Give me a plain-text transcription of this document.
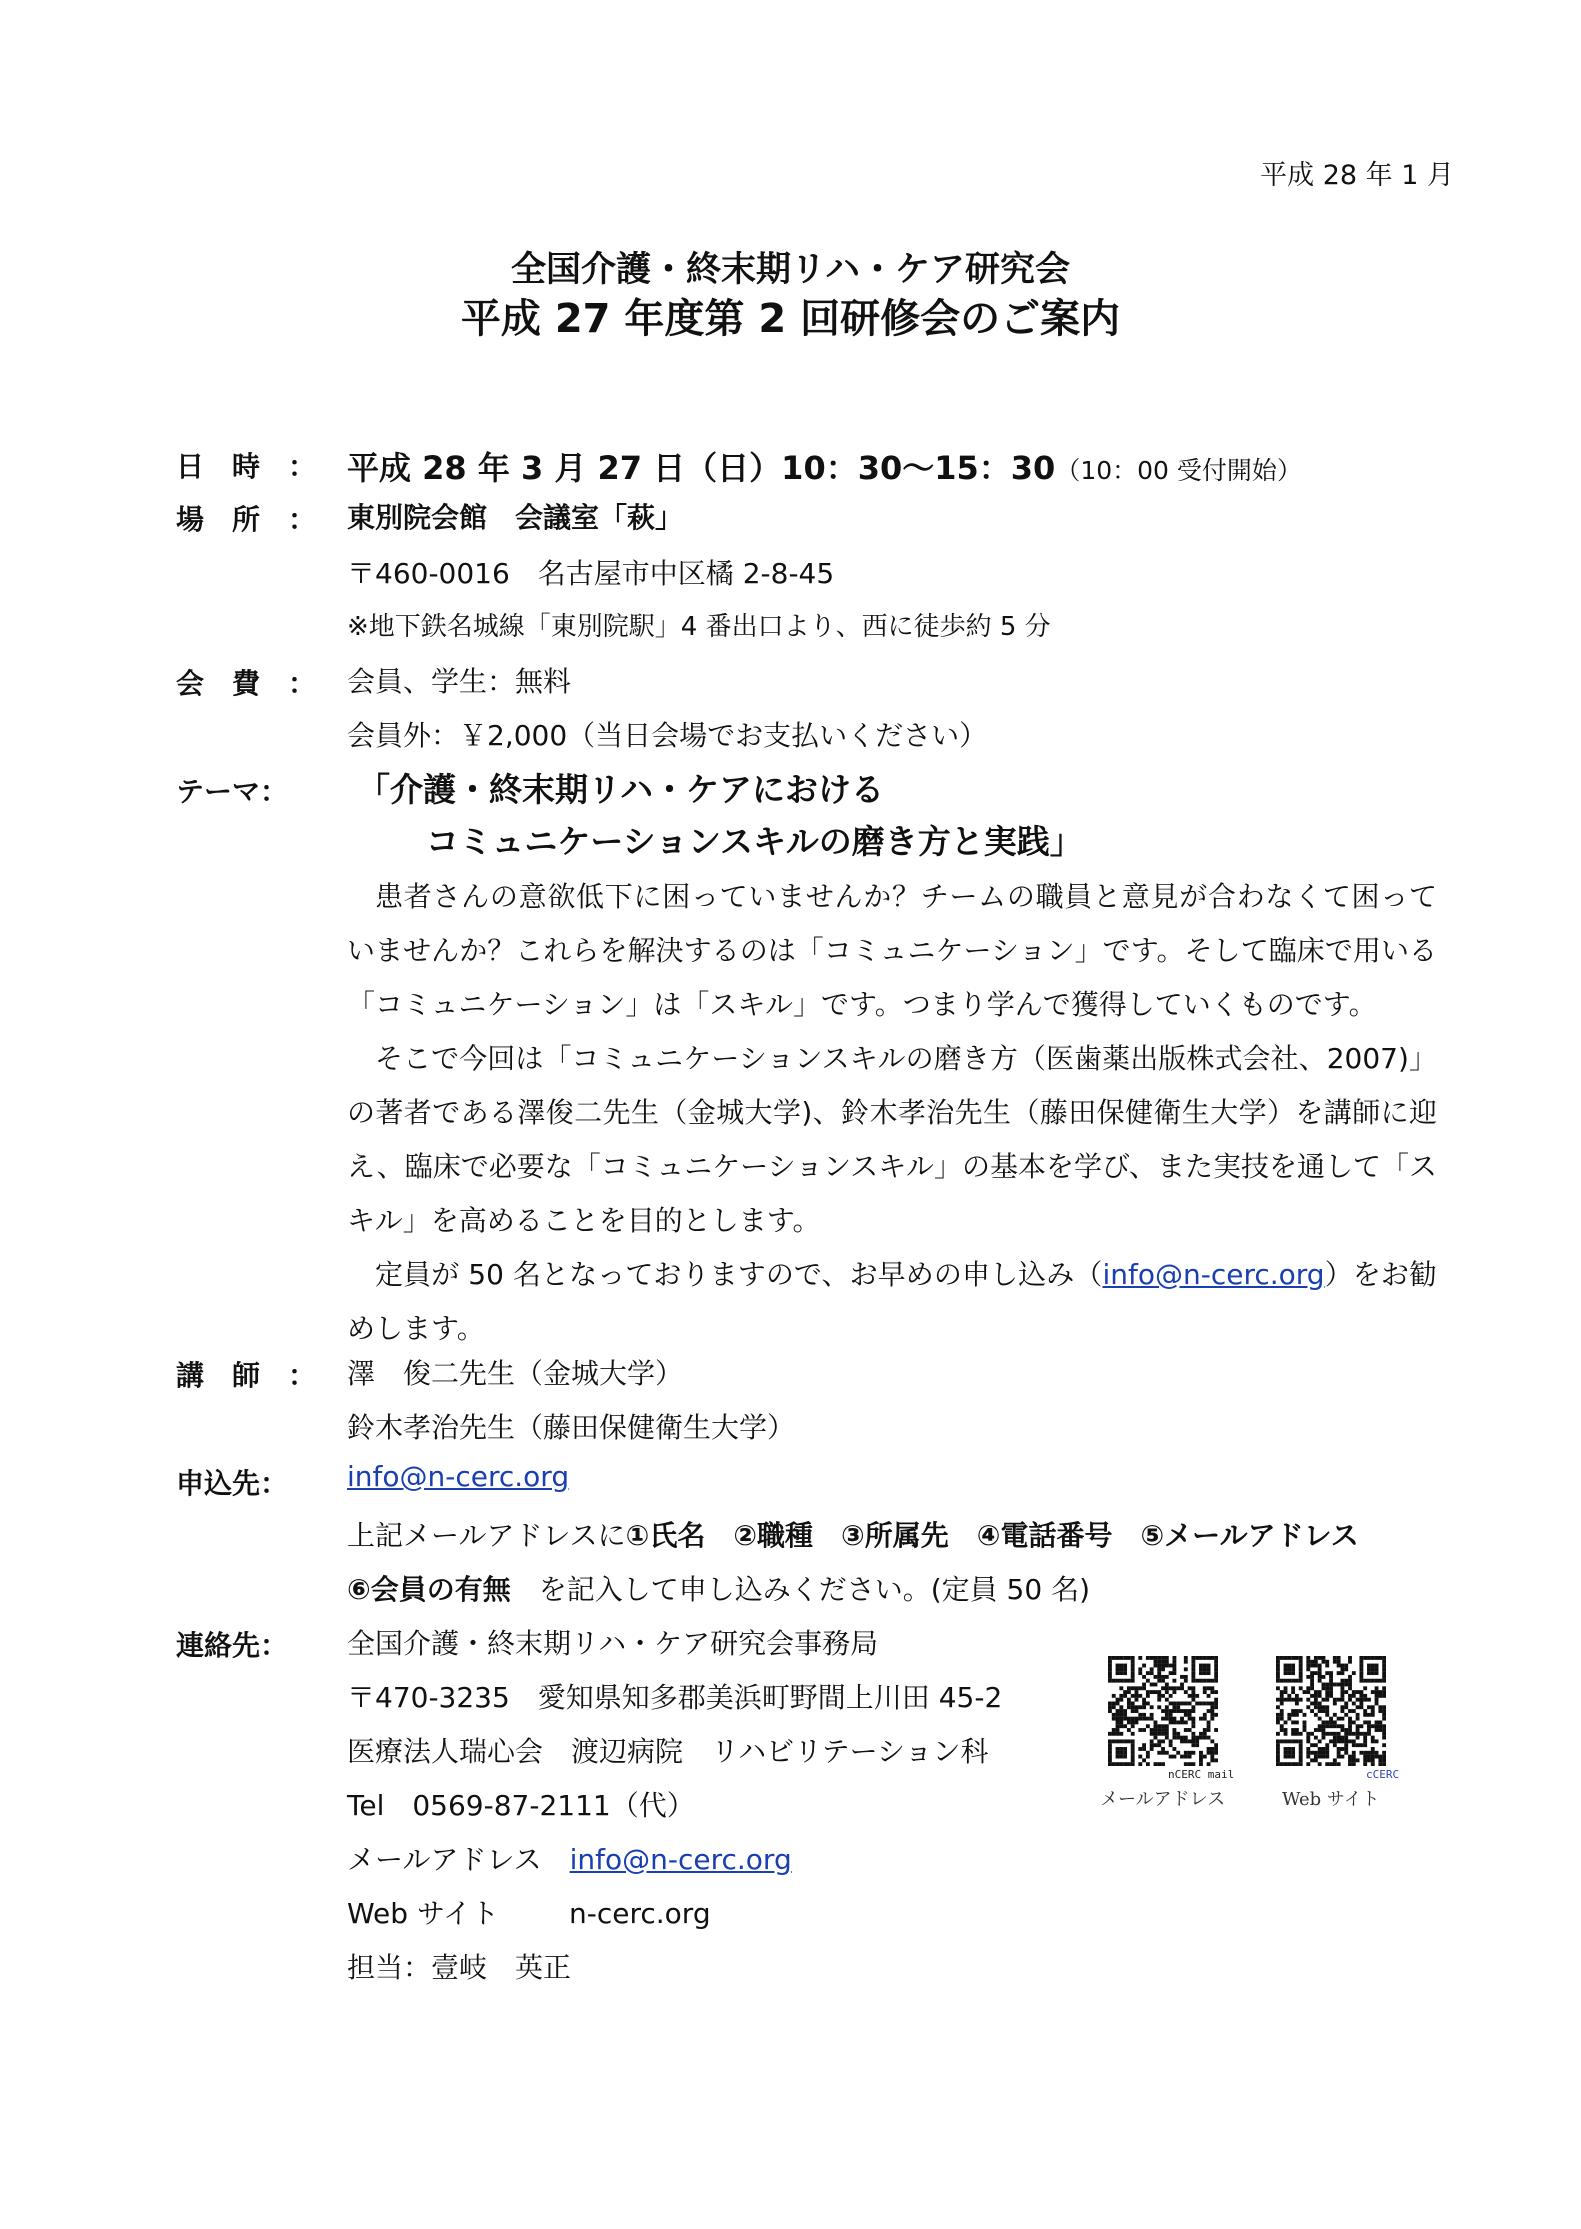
平成 28 年 1 月
全国介護・終末期リハ・ケア研究会
平成 27 年度第 2 回研修会のご案内
日　時　： 平成 28 年 3 月 27 日（日）10：30～15：30（10：00 受付開始）
場　所　： 東別院会館　会議室「萩」
〒460-0016　名古屋市中区橘 2-8-45
※地下鉄名城線「東別院駅」4 番出口より、西に徒歩約 5 分
会　費　： 会員、学生：無料
会員外：￥2,000（当日会場でお支払いください）
テーマ： 「介護・終末期リハ・ケアにおける
コミュニケーションスキルの磨き方と実践」
患者さんの意欲低下に困っていませんか？チームの職員と意見が合わなくて困っていませんか？これらを解決するのは「コミュニケーション」です。そして臨床で用いる「コミュニケーション」は「スキル」です。つまり学んで獲得していくものです。
そこで今回は「コミュニケーションスキルの磨き方（医歯薬出版株式会社、2007)」の著者である澤俊二先生（金城大学)、鈴木孝治先生（藤田保健衛生大学）を講師に迎え、臨床で必要な「コミュニケーションスキル」の基本を学び、また実技を通して「スキル」を高めることを目的とします。
定員が 50 名となっておりますので、お早めの申し込み（info@n-cerc.org）をお勧めします。
講　師　： 澤　俊二先生（金城大学）
鈴木孝治先生（藤田保健衛生大学）
申込先： info@n-cerc.org
上記メールアドレスに①氏名　②職種　③所属先　④電話番号　⑤メールアドレス
⑥会員の有無　を記入して申し込みください。(定員 50 名)
連絡先： 全国介護・終末期リハ・ケア研究会事務局
〒470-3235　愛知県知多郡美浜町野間上川田 45-2
医療法人瑞心会　渡辺病院　リハビリテーション科
Tel　0569-87-2111（代）
メールアドレス　 info@n-cerc.org
Web サイト	n-cerc.org
担当：壹岐　英正
nCERC mail
メールアドレス
cCERC
Web サイト
